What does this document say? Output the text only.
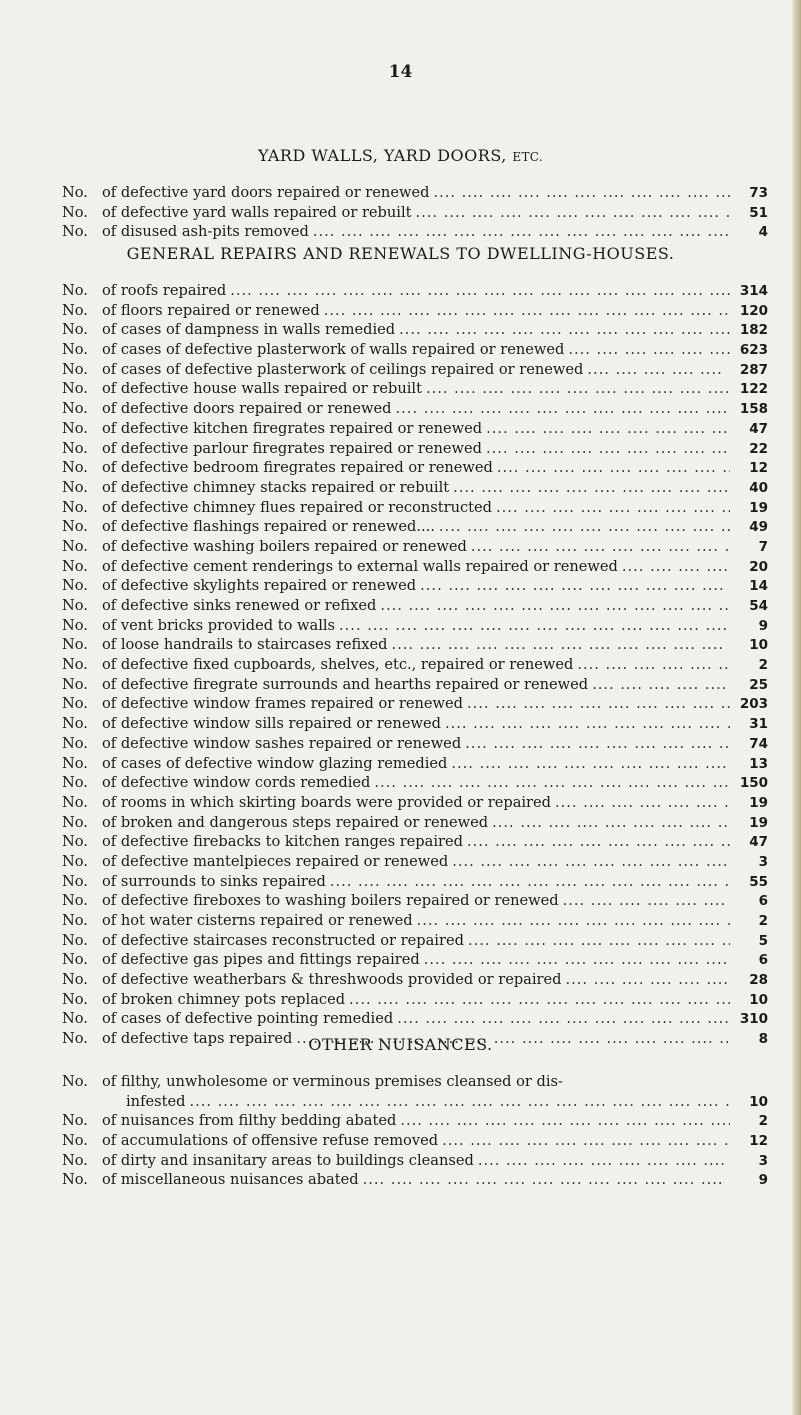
14
YARD WALLS, YARD DOORS, ETC.
No. of defective yard doors repaired or renewed ....	73
No. of defective yard walls repaired or rebuilt ....	51
No. of disused ash-pits removed ....	4
GENERAL REPAIRS AND RENEWALS TO DWELLING-HOUSES.
No. of roofs repaired ....	314
No. of floors repaired or renewed ....	120
No. of cases of dampness in walls remedied ....	182
No. of cases of defective plasterwork of walls repaired or renewed ....	623
No. of cases of defective plasterwork of ceilings repaired or renewed ....	287
No. of defective house walls repaired or rebuilt ....	122
No. of defective doors repaired or renewed ....	158
No. of defective kitchen firegrates repaired or renewed ....	47
No. of defective parlour firegrates repaired or renewed ....	22
No. of defective bedroom firegrates repaired or renewed ....	12
No. of defective chimney stacks repaired or rebuilt ....	40
No. of defective chimney flues repaired or reconstructed ....	19
No. of defective flashings repaired or renewed.... ....	49
No. of defective washing boilers repaired or renewed ....	7
No. of defective cement renderings to external walls repaired or renewed ....	20
No. of defective skylights repaired or renewed ....	14
No. of defective sinks renewed or refixed ....	54
No. of vent bricks provided to walls ....	9
No. of loose handrails to staircases refixed ....	10
No. of defective fixed cupboards, shelves, etc., repaired or renewed ....	2
No. of defective firegrate surrounds and hearths repaired or renewed ....	25
No. of defective window frames repaired or renewed ....	203
No. of defective window sills repaired or renewed ....	31
No. of defective window sashes repaired or renewed ....	74
No. of cases of defective window glazing remedied ....	13
No. of defective window cords remedied ....	150
No. of rooms in which skirting boards were provided or repaired ....	19
No. of broken and dangerous steps repaired or renewed ....	19
No. of defective firebacks to kitchen ranges repaired ....	47
No. of defective mantelpieces repaired or renewed ....	3
No. of surrounds to sinks repaired ....	55
No. of defective fireboxes to washing boilers repaired or renewed ....	6
No. of hot water cisterns repaired or renewed ....	2
No. of defective staircases reconstructed or repaired ....	5
No. of defective gas pipes and fittings repaired ....	6
No. of defective weatherbars & threshwoods provided or repaired ....	28
No. of broken chimney pots replaced ....	10
No. of cases of defective pointing remedied ....	310
No. of defective taps repaired ....	8
OTHER NUISANCES.
No. of filthy, unwholesome or verminous premises cleansed or dis-
infested ....	10
No. of nuisances from filthy bedding abated ....	2
No. of accumulations of offensive refuse removed ....	12
No. of dirty and insanitary areas to buildings cleansed ....	3
No. of miscellaneous nuisances abated ....	9
